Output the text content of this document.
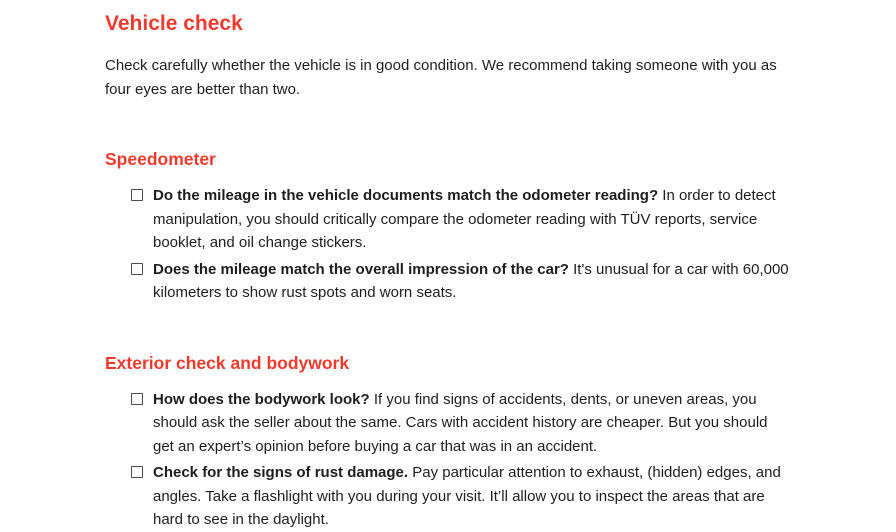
Vehicle check

Check carefully whether the vehicle is in good condition. We recommend taking someone with you as four eyes are better than two.

Speedometer
Do the mileage in the vehicle documents match the odometer reading? In order to detect manipulation, you should critically compare the odometer reading with TÜV reports, service booklet, and oil change stickers.
Does the mileage match the overall impression of the car? It's unusual for a car with 60,000 kilometers to show rust spots and worn seats.
Exterior check and bodywork
How does the bodywork look? If you find signs of accidents, dents, or uneven areas, you should ask the seller about the same. Cars with accident history are cheaper. But you should get an expert’s opinion before buying a car that was in an accident.
Check for the signs of rust damage. Pay particular attention to exhaust, (hidden) edges, and angles. Take a flashlight with you during your visit. It’ll allow you to inspect the areas that are hard to see in the daylight.
